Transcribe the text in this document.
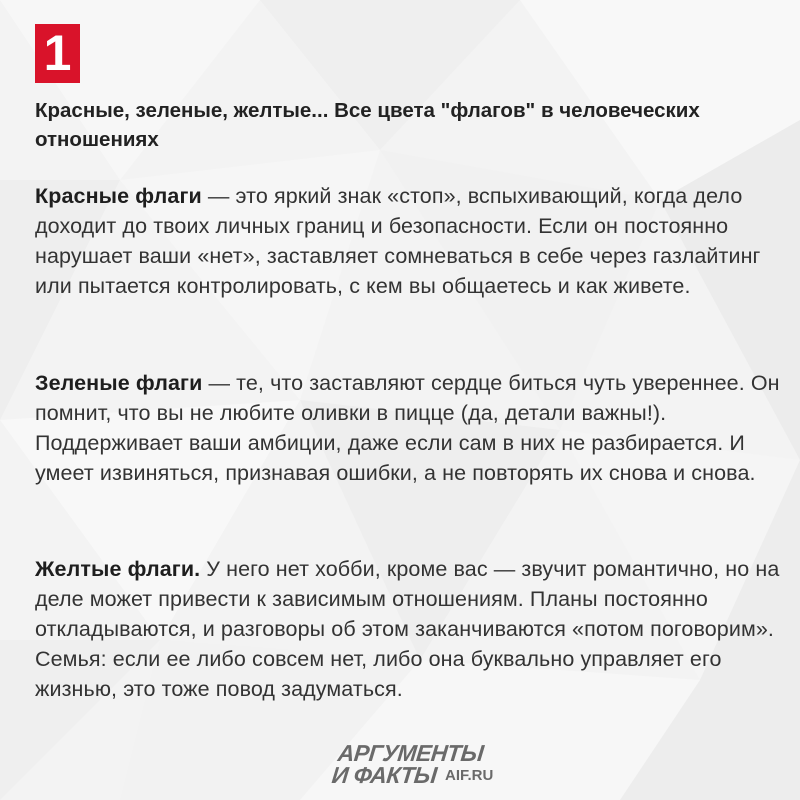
1

Красные, зеленые, желтые... Все цвета "флагов" в человеческих отношениях

Красные флаги — это яркий знак «стоп», вспыхивающий, когда дело доходит до твоих личных границ и безопасности. Если он постоянно нарушает ваши «нет», заставляет сомневаться в себе через газлайтинг или пытается контролировать, с кем вы общаетесь и как живете.

Зеленые флаги — те, что заставляют сердце биться чуть увереннее. Он помнит, что вы не любите оливки в пицце (да, детали важны!). Поддерживает ваши амбиции, даже если сам в них не разбирается. И умеет извиняться, признавая ошибки, а не повторять их снова и снова.

Желтые флаги. У него нет хобби, кроме вас — звучит романтично, но на деле может привести к зависимым отношениям. Планы постоянно откладываются, и разговоры об этом заканчиваются «потом поговорим». Семья: если ее либо совсем нет, либо она буквально управляет его жизнью, это тоже повод задуматься.

АРГУМЕНТЫ
И ФАКТЫ AIF.RU
